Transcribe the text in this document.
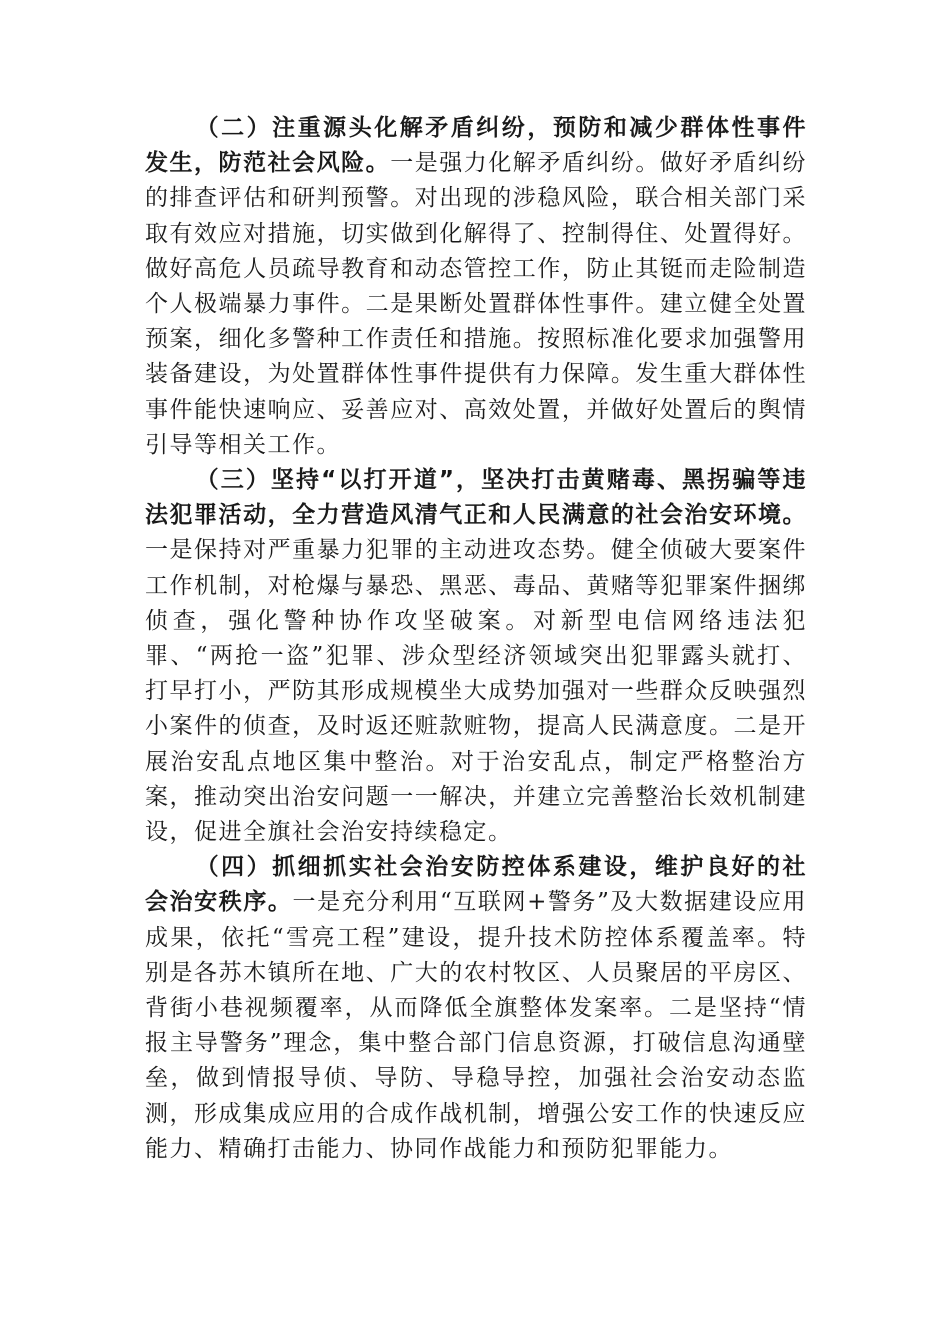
（二）注重源头化解矛盾纠纷，预防和减少群体性事件发生，防范社会风险。一是强力化解矛盾纠纷。做好矛盾纠纷的排查评估和研判预警。对出现的涉稳风险，联合相关部门采取有效应对措施，切实做到化解得了、控制得住、处置得好。做好高危人员疏导教育和动态管控工作，防止其铤而走险制造个人极端暴力事件。二是果断处置群体性事件。建立健全处置预案，细化多警种工作责任和措施。按照标准化要求加强警用装备建设，为处置群体性事件提供有力保障。发生重大群体性事件能快速响应、妥善应对、高效处置，并做好处置后的舆情引导等相关工作。

（三）坚持“以打开道”，坚决打击黄赌毒、黑拐骗等违法犯罪活动，全力营造风清气正和人民满意的社会治安环境。一是保持对严重暴力犯罪的主动进攻态势。健全侦破大要案件工作机制，对枪爆与暴恐、黑恶、毒品、黄赌等犯罪案件捆绑侦查，强化警种协作攻坚破案。对新型电信网络违法犯罪、“两抢一盗”犯罪、涉众型经济领域突出犯罪露头就打、打早打小，严防其形成规模坐大成势加强对一些群众反映强烈小案件的侦查，及时返还赃款赃物，提高人民满意度。二是开展治安乱点地区集中整治。对于治安乱点，制定严格整治方案，推动突出治安问题一一解决，并建立完善整治长效机制建设，促进全旗社会治安持续稳定。

（四）抓细抓实社会治安防控体系建设，维护良好的社会治安秩序。一是充分利用“互联网+警务”及大数据建设应用成果，依托“雪亮工程”建设，提升技术防控体系覆盖率。特别是各苏木镇所在地、广大的农村牧区、人员聚居的平房区、背街小巷视频覆率，从而降低全旗整体发案率。二是坚持“情报主导警务”理念，集中整合部门信息资源，打破信息沟通壁垒，做到情报导侦、导防、导稳导控，加强社会治安动态监测，形成集成应用的合成作战机制，增强公安工作的快速反应能力、精确打击能力、协同作战能力和预防犯罪能力。
